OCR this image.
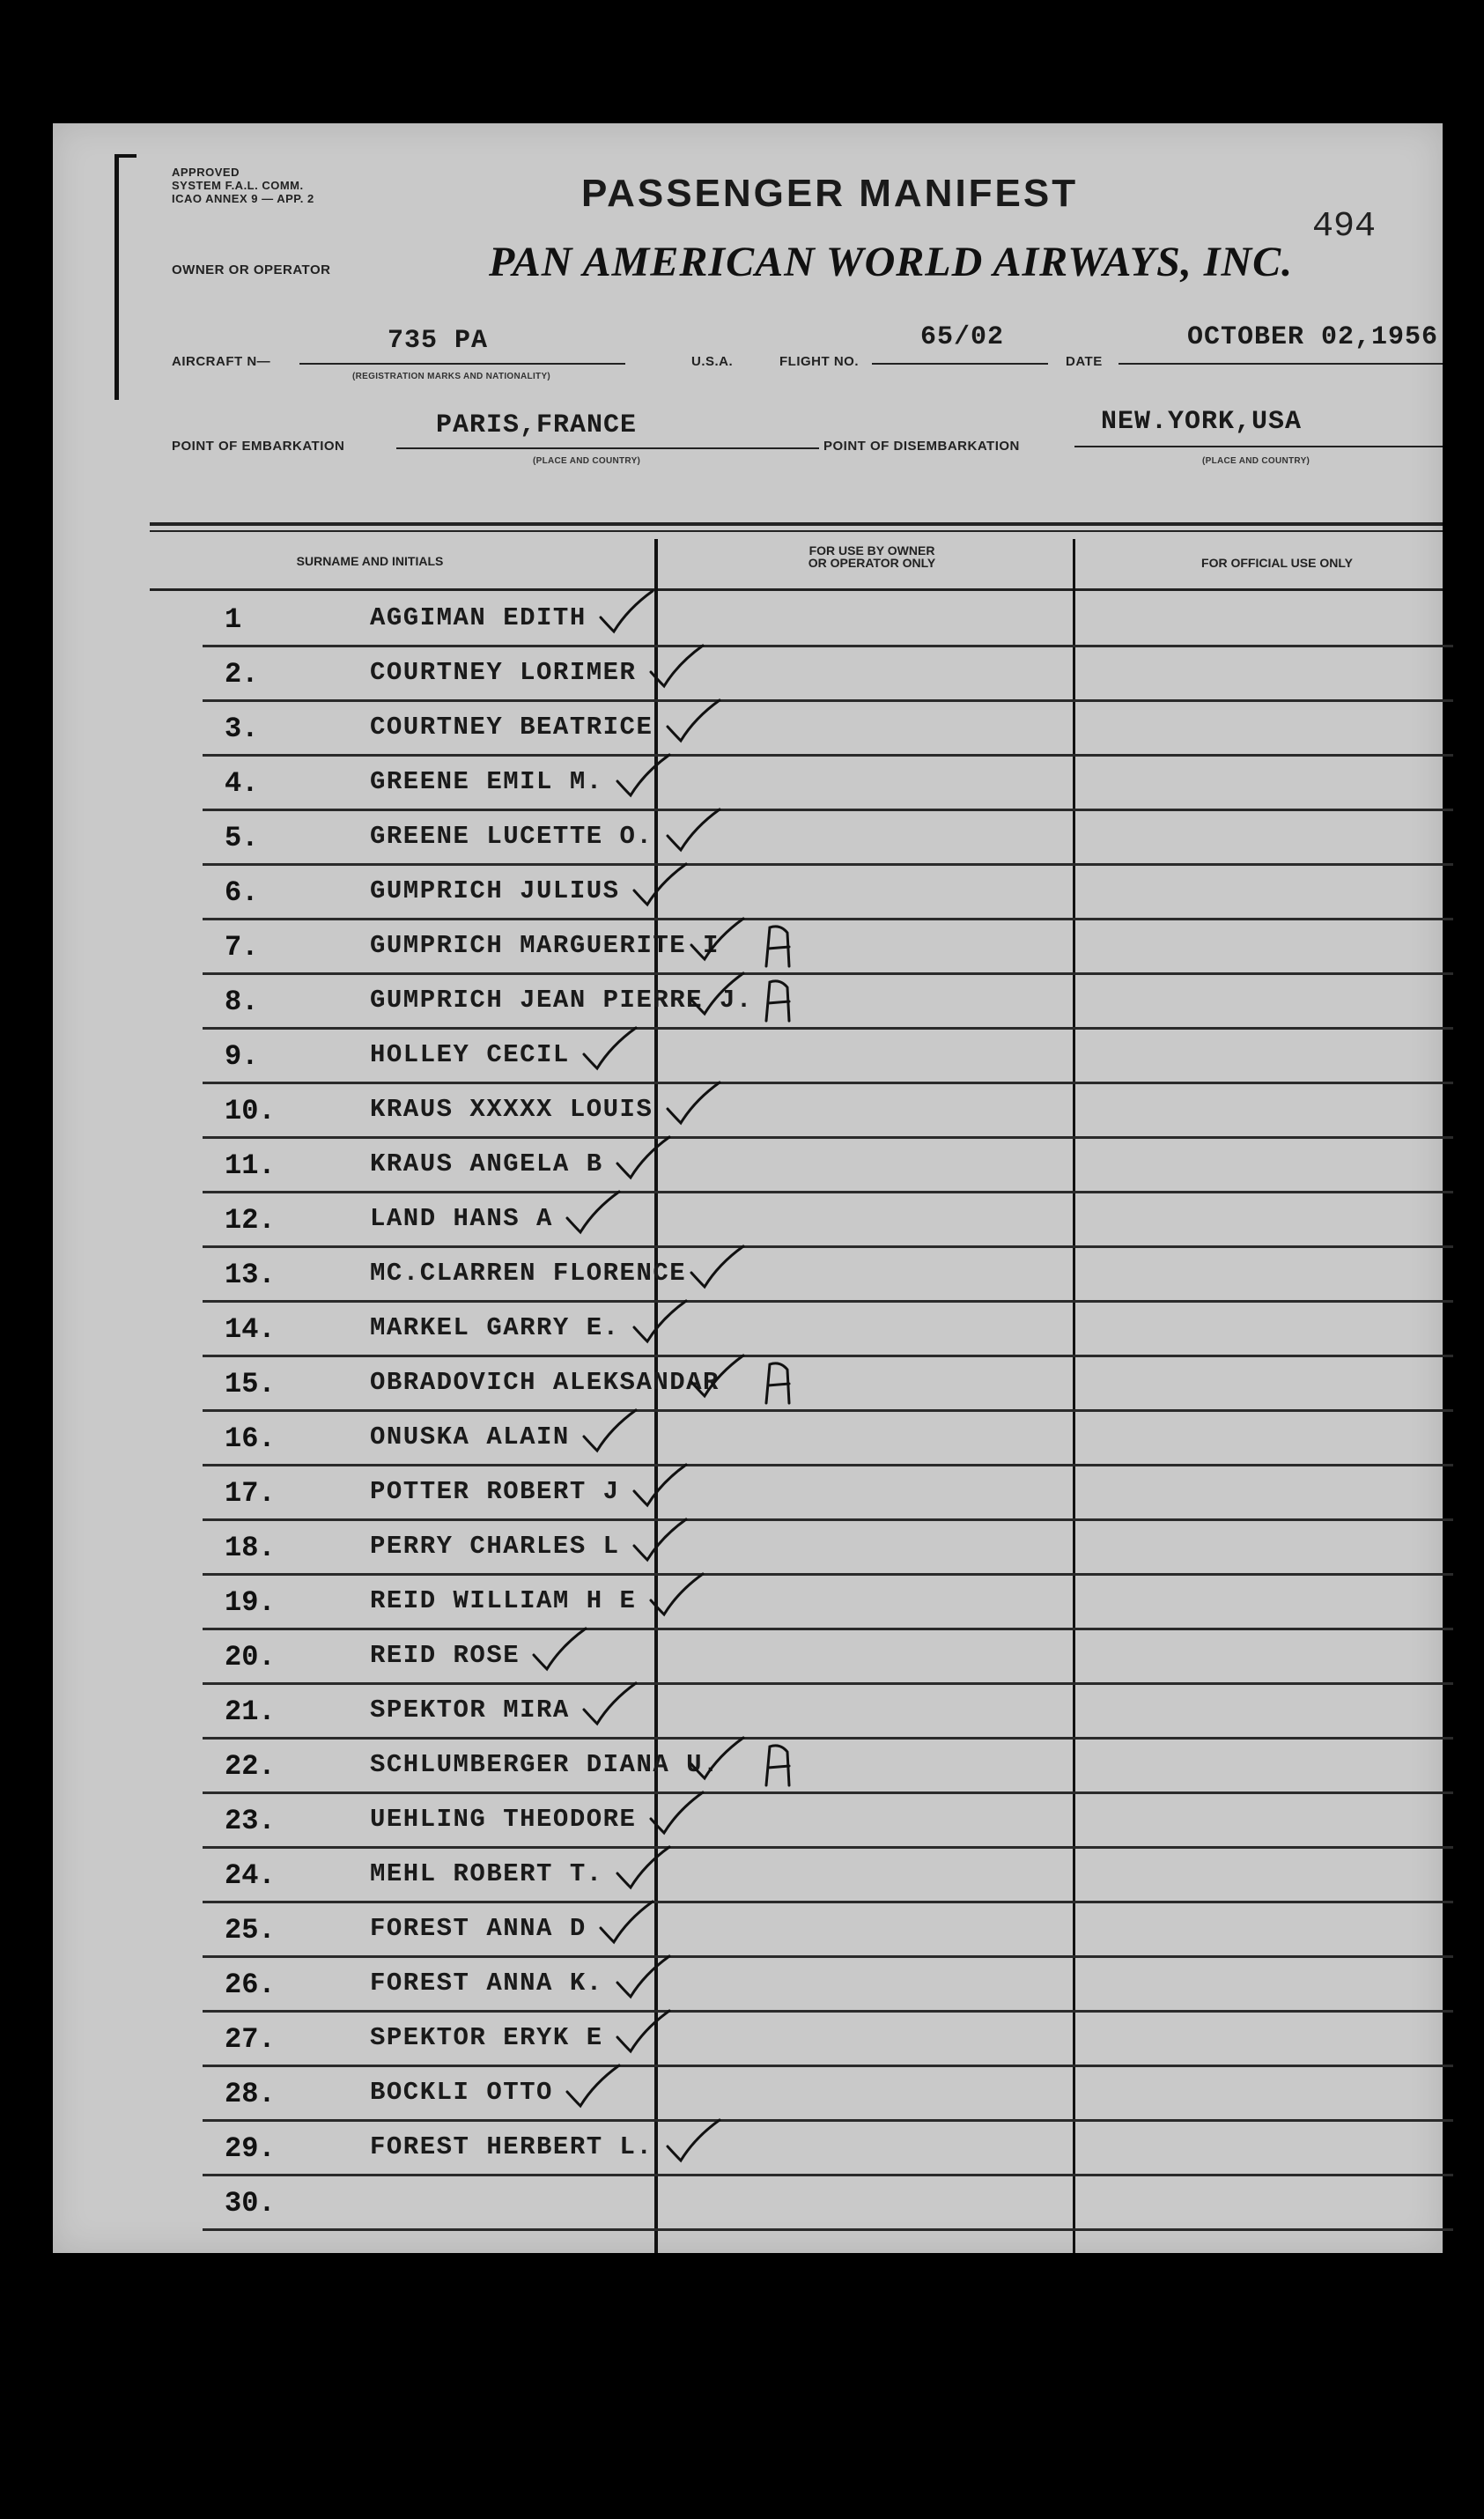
APPROVED
SYSTEM F.A.L. COMM.
ICAO ANNEX 9 — APP. 2	PASSENGER MANIFEST
494
OWNER OR OPERATOR	PAN AMERICAN WORLD AIRWAYS, INC.
AIRCRAFT N—
735 PA
(REGISTRATION MARKS AND NATIONALITY)
U.S.A.	FLIGHT NO.
65/02
DATE
OCTOBER 02,1956
POINT OF EMBARKATION
PARIS,FRANCE
(PLACE AND COUNTRY)
POINT OF DISEMBARKATION
NEW.YORK,USA
(PLACE AND COUNTRY)
SURNAME AND INITIALS
FOR USE BY OWNER
OR OPERATOR ONLY	FOR OFFICIAL USE ONLY
1	AGGIMAN EDITH
2.	COURTNEY LORIMER
3.	COURTNEY BEATRICE
4.	GREENE EMIL M.
5.	GREENE LUCETTE O.
6.	GUMPRICH JULIUS
7.	GUMPRICH MARGUERITE I
8.	GUMPRICH JEAN PIERRE J.
9.	HOLLEY CECIL
10.	KRAUS XXXXX LOUIS
11.	KRAUS ANGELA B
12.	LAND HANS A
13.	MC.CLARREN FLORENCE
14.	MARKEL GARRY E.
15.	OBRADOVICH ALEKSANDAR
16.	ONUSKA ALAIN
17.	POTTER ROBERT J
18.	PERRY CHARLES L
19.	REID WILLIAM H E
20.	REID ROSE
21.	SPEKTOR MIRA
22.	SCHLUMBERGER DIANA U.
23.	UEHLING THEODORE
24.	MEHL ROBERT T.
25.	FOREST ANNA D
26.	FOREST ANNA K.
27.	SPEKTOR ERYK E
28.	BOCKLI OTTO
29.	FOREST HERBERT L.
30.
